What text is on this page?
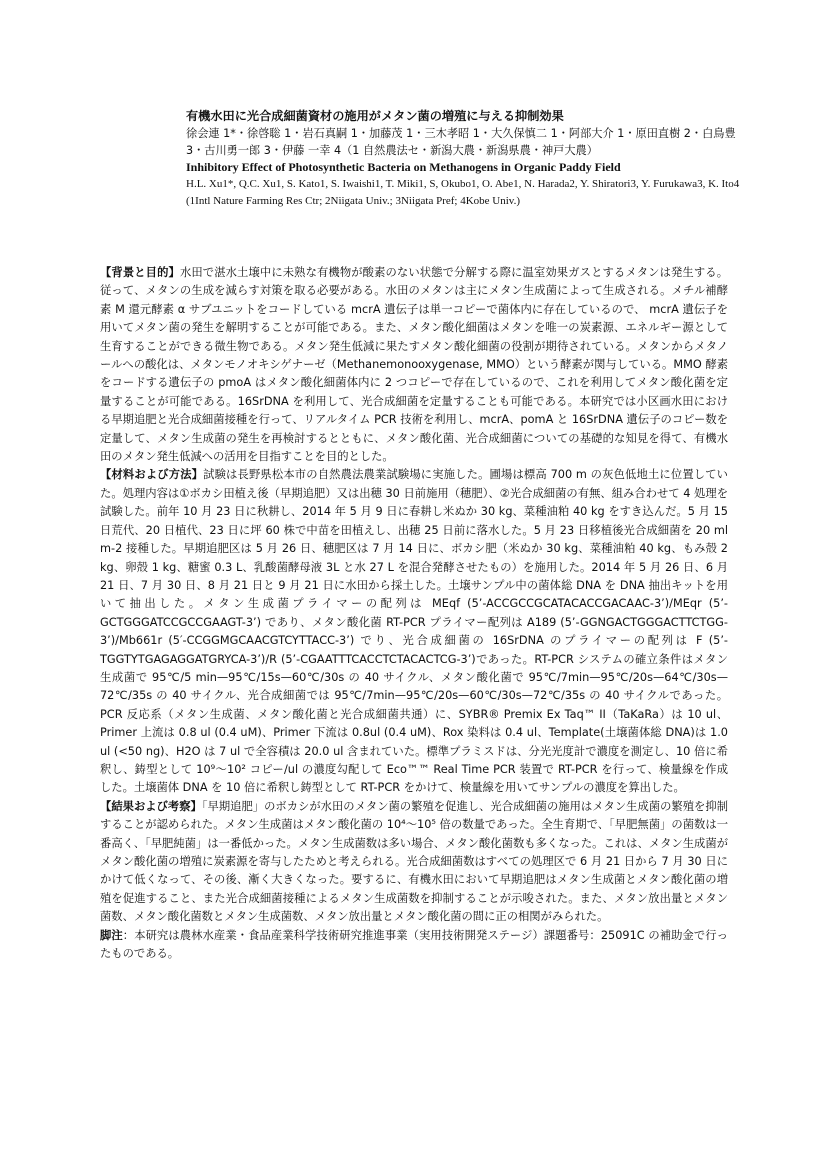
有機水田に光合成細菌資材の施用がメタン菌の増殖に与える抑制効果
徐会連 1*・徐啓聡 1・岩石真嗣 1・加藤茂 1・三木孝昭 1・大久保慎二 1・阿部大介 1・原田直樹 2・白鳥豊 3・古川勇一郎 3・伊藤 一幸 4（1 自然農法セ・新潟大農・新潟県農・神戸大農）
Inhibitory Effect of Photosynthetic Bacteria on Methanogens in Organic Paddy Field
H.L. Xu1*, Q.C. Xu1, S. Kato1, S. Iwaishi1, T. Miki1, S, Okubo1, O. Abe1, N. Harada2, Y. Shiratori3, Y. Furukawa3, K. Ito4 (1Intl Nature Farming Res Ctr; 2Niigata Univ.; 3Niigata Pref; 4Kobe Univ.)

【背景と目的】水田で湛水土壌中に未熟な有機物が酸素のない状態で分解する際に温室効果ガスとするメタンは発生する。従って、メタンの生成を減らす対策を取る必要がある。水田のメタンは主にメタン生成菌によって生成される。メチル補酵素 M 還元酵素 α サブユニットをコードしている mcrA 遺伝子は単一コピーで菌体内に存在しているので、 mcrA 遺伝子を用いてメタン菌の発生を解明することが可能である。また、メタン酸化細菌はメタンを唯一の炭素源、エネルギー源として生育することができる微生物である。メタン発生低減に果たすメタン酸化細菌の役割が期待されている。メタンからメタノールへの酸化は、メタンモノオキシゲナーゼ（Methanemonooxygenase, MMO）という酵素が関与している。MMO 酵素をコードする遺伝子の pmoA はメタン酸化細菌体内に 2 つコピーで存在しているので、これを利用してメタン酸化菌を定量することが可能である。16SrDNA を利用して、光合成細菌を定量することも可能である。本研究では小区画水田における早期追肥と光合成細菌接種を行って、リアルタイム PCR 技術を利用し、mcrA、pomA と 16SrDNA 遺伝子のコピー数を定量して、メタン生成菌の発生を再検討するとともに、メタン酸化菌、光合成細菌についての基礎的な知見を得て、有機水田のメタン発生低減への活用を目指すことを目的とした。

【材料および方法】試験は長野県松本市の自然農法農業試験場に実施した。圃場は標高 700 m の灰色低地土に位置していた。処理内容は①ボカシ田植え後（早期追肥）又は出穂 30 日前施用（穂肥）、②光合成細菌の有無、組み合わせて 4 処理を試験した。前年 10 月 23 日に秋耕し、2014 年 5 月 9 日に春耕し米ぬか 30 kg、菜種油粕 40 kg をすき込んだ。5 月 15 日荒代、20 日植代、23 日に坪 60 株で中苗を田植えし、出穂 25 日前に落水した。5 月 23 日移植後光合成細菌を 20 ml m-2 接種した。早期追肥区は 5 月 26 日、穂肥区は 7 月 14 日に、ボカシ肥（米ぬか 30 kg、菜種油粕 40 kg、もみ殻 2 kg、卵殻 1 kg、糖蜜 0.3 L、乳酸菌酵母液 3L と水 27 L を混合発酵させたもの）を施用した。2014 年 5 月 26 日、6 月 21 日、7 月 30 日、8 月 21 日と 9 月 21 日に水田から採土した。土壌サンプル中の菌体総 DNA を DNA 抽出キットを用いて抽出した。メタン生成菌プライマーの配列は MEqf (5’-ACCGCCGCATACACCGACAAC-3’)/MEqr (5’-GCTGGGATCCGCCGAAGT-3’) であり、メタン酸化菌 RT-PCR プライマー配列は A189 (5’-GGNGACTGGGACTTCTGG-3’)/Mb661r (5′-CCGGMGCAACGTCYTTACC-3’) でり、光合成細菌の 16SrDNA のプライマーの配列は F (5’-TGGTYTGAGAGGATGRYCA-3’)/R (5’-CGAATTTCACCTCTACACTCG-3’)であった。RT-PCR システムの確立条件はメタン生成菌で 95℃/5 min—95℃/15s—60℃/30s の 40 サイクル、メタン酸化菌で 95℃/7min—95℃/20s—64℃/30s—72℃/35s の 40 サイクル、光合成細菌では 95℃/7min—95℃/20s—60℃/30s—72℃/35s の 40 サイクルであった。PCR 反応系（メタン生成菌、メタン酸化菌と光合成細菌共通）に、SYBR® Premix Ex Taq™ II（TaKaRa）は 10 ul、Primer 上流は 0.8 ul (0.4 uM)、Primer 下流は 0.8ul (0.4 uM)、Rox 染料は 0.4 ul、Template(土壌菌体総 DNA)は 1.0 ul (<50 ng)、H2O は 7 ul で全容積は 20.0 ul 含まれていた。標準プラミスドは、分光光度計で濃度を測定し、10 倍に希釈し、鋳型として 10⁹～10² コピー/ul の濃度勾配して Eco™™ Real Time PCR 装置で RT-PCR を行って、検量線を作成した。土壌菌体 DNA を 10 倍に希釈し鋳型として RT-PCR をかけて、検量線を用いてサンプルの濃度を算出した。

【結果および考察】「早期追肥」のボカシが水田のメタン菌の繁殖を促進し、光合成細菌の施用はメタン生成菌の繁殖を抑制することが認められた。メタン生成菌はメタン酸化菌の 10⁴～10⁵ 倍の数量であった。全生育期で、「早肥無菌」の菌数は一番高く、「早肥純菌」は一番低かった。メタン生成菌数は多い場合、メタン酸化菌数も多くなった。これは、メタン生成菌がメタン酸化菌の増殖に炭素源を寄与したためと考えられる。光合成細菌数はすべての処理区で 6 月 21 日から 7 月 30 日にかけて低くなって、その後、漸く大きくなった。要するに、有機水田において早期追肥はメタン生成菌とメタン酸化菌の増殖を促進すること、また光合成細菌接種によるメタン生成菌数を抑制することが示唆された。また、メタン放出量とメタン菌数、メタン酸化菌数とメタン生成菌数、メタン放出量とメタン酸化菌の間に正の相関がみられた。

脚注：本研究は農林水産業・食品産業科学技術研究推進事業（実用技術開発ステージ）課題番号：25091C の補助金で行ったものである。
